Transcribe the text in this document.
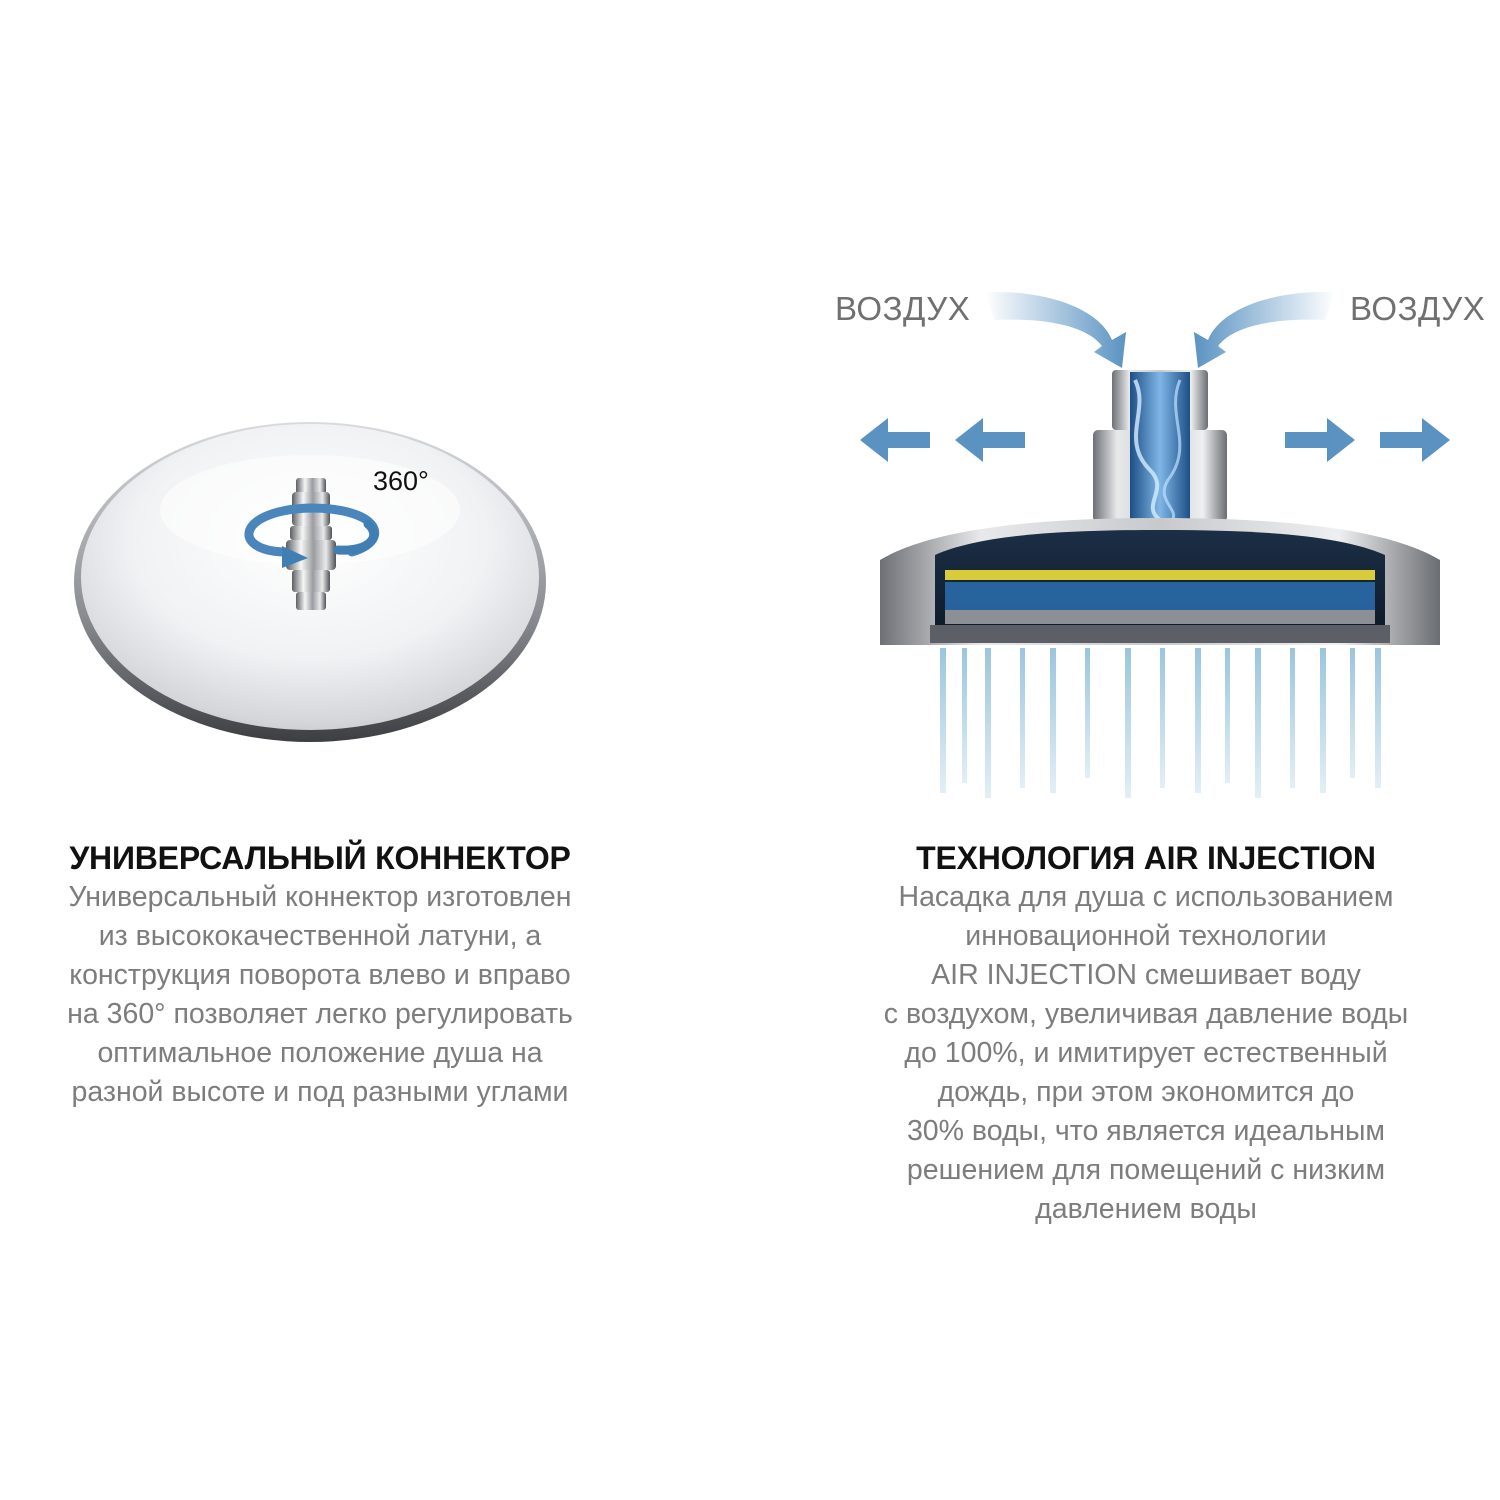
360°
УНИВЕРСАЛЬНЫЙ КОННЕКТОР

Универсальный коннектор изготовлен
из высококачественной латуни, а
конструкция поворота влево и вправо
на 360° позволяет легко регулировать
оптимальное положение душа на
разной высоте и под разными углами

ВОЗДУХ	ВОЗДУХ
ТЕХНОЛОГИЯ AIR INJECTION

Насадка для душа с использованием
инновационной технологии
AIR INJECTION смешивает воду
с воздухом, увеличивая давление воды
до 100%, и имитирует естественный
дождь, при этом экономится до
30% воды, что является идеальным
решением для помещений с низким
давлением воды
